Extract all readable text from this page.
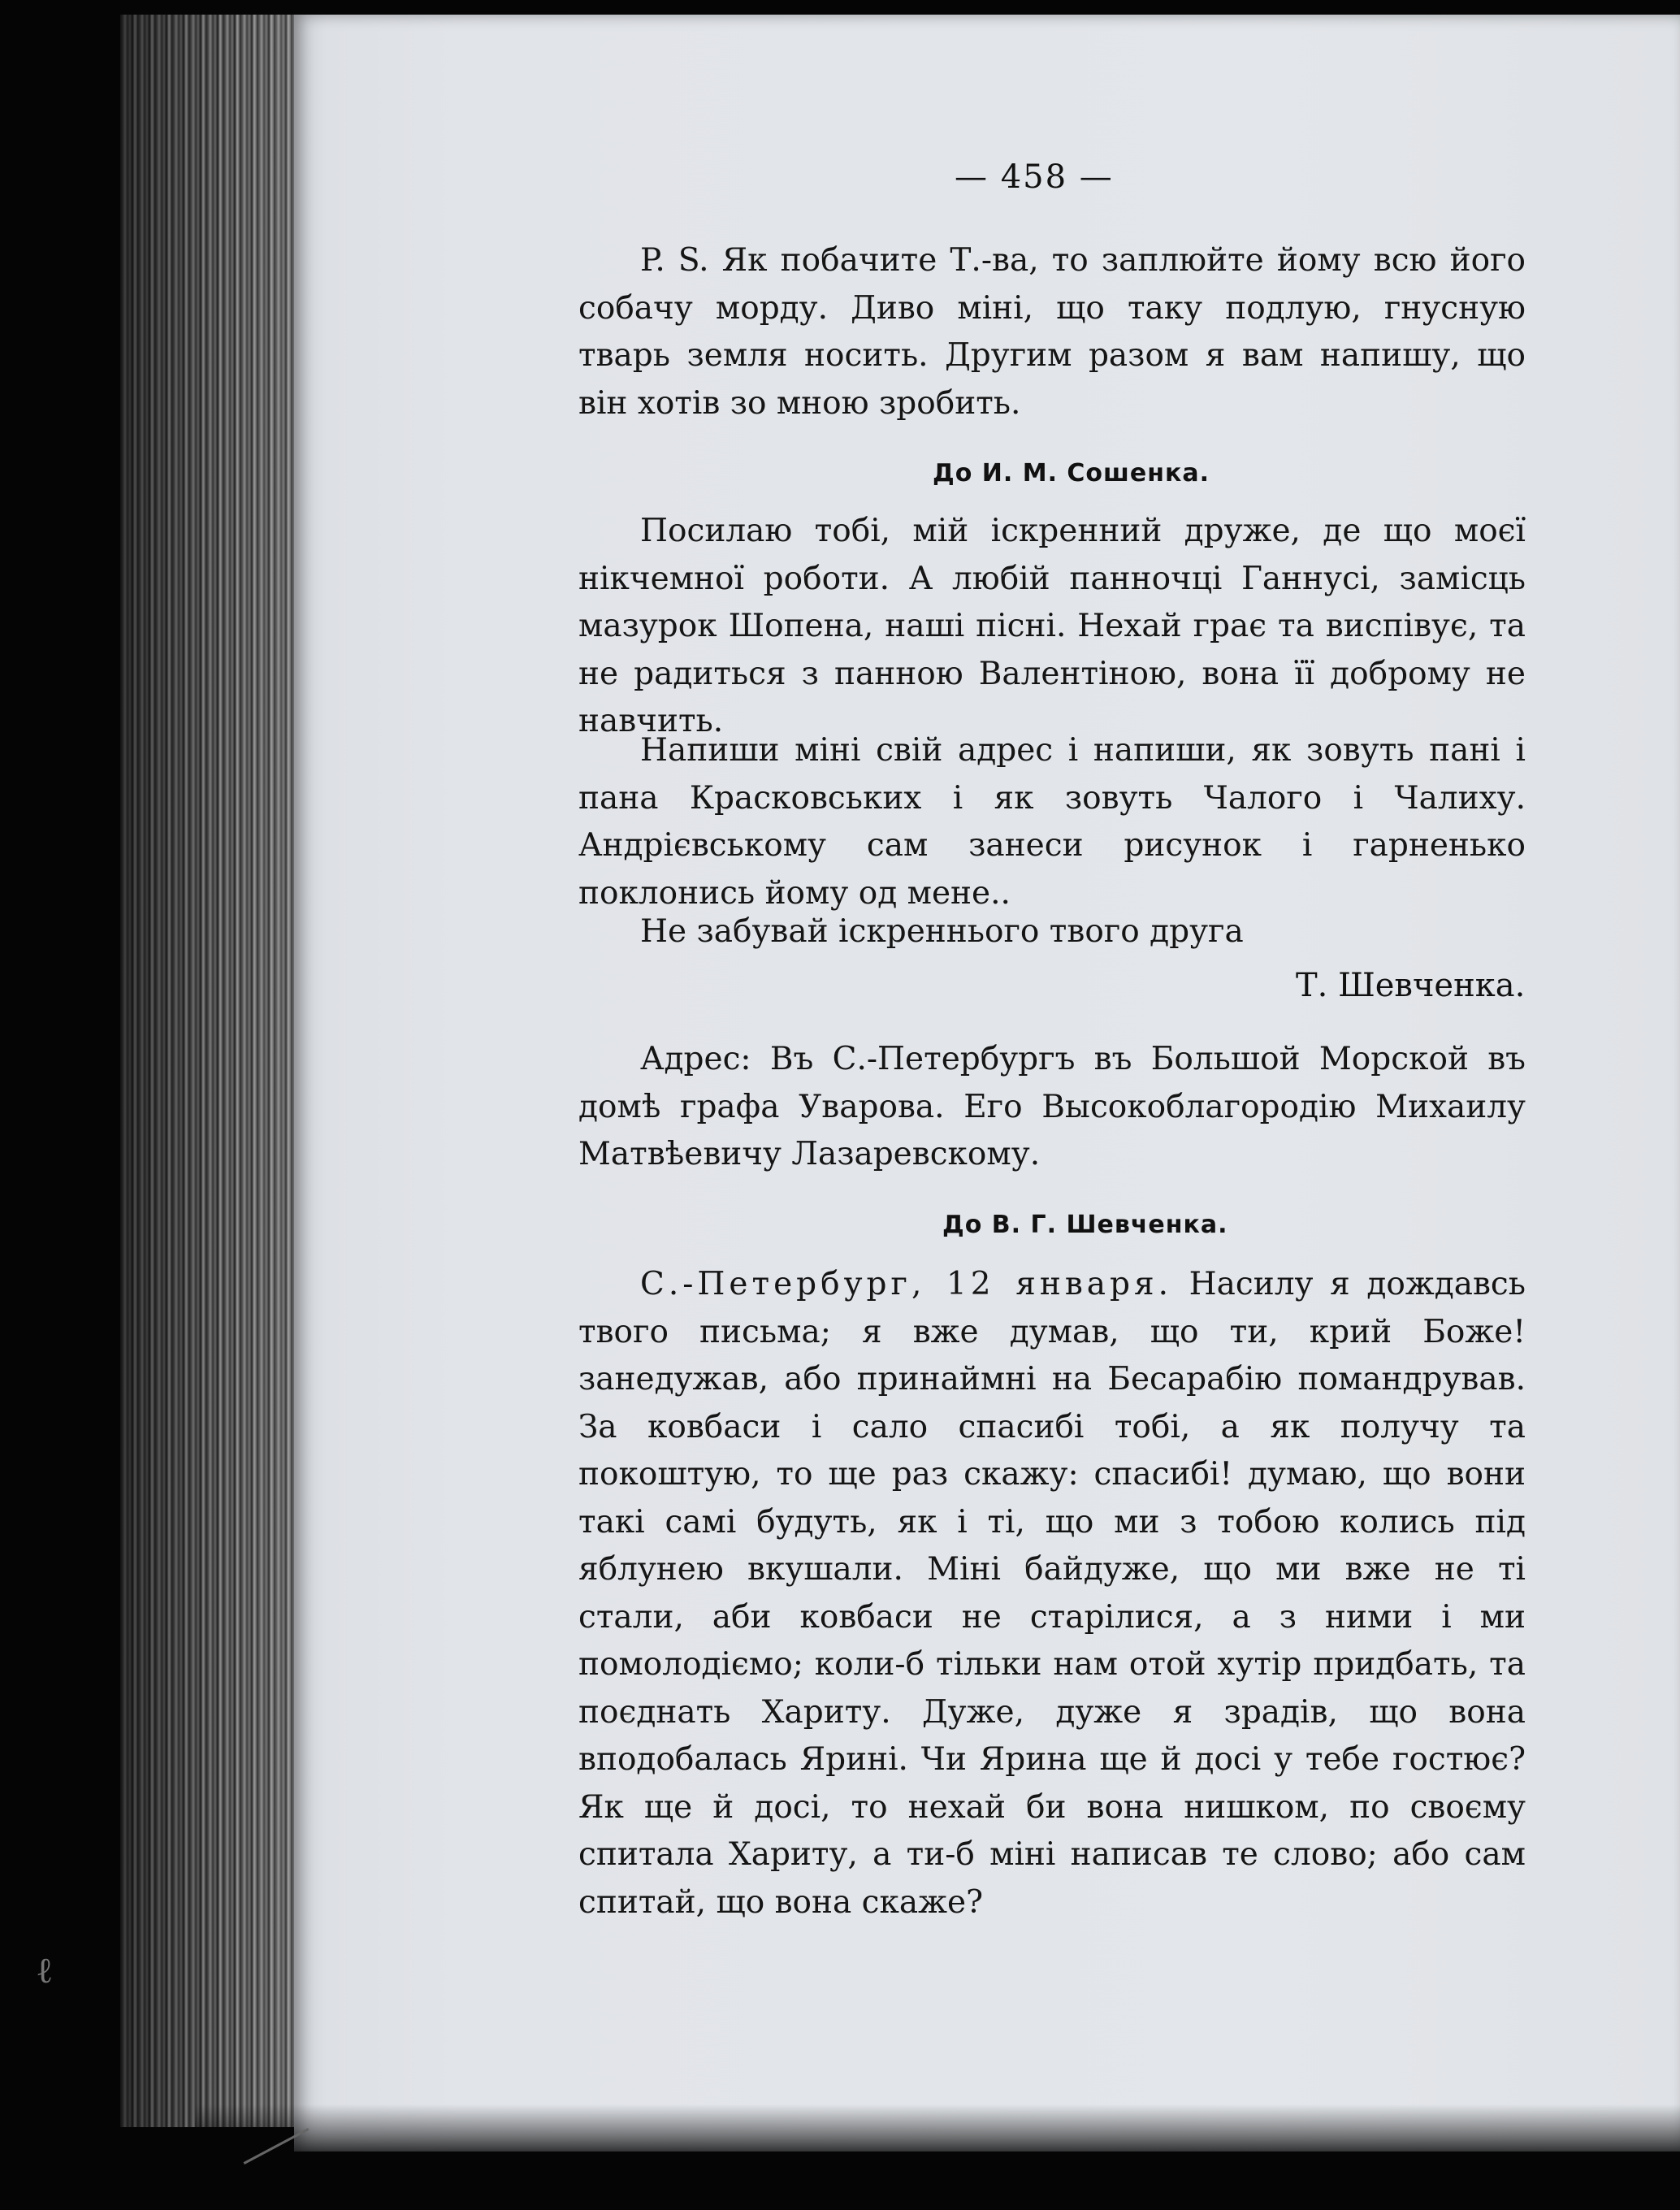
— 458 —
P. S. Як побачите Т.-ва, то заплюйте йому всю його собачу морду. Диво міні, що таку подлую, гнусную тварь земля носить. Другим разом я вам напишу, що він хотів зо мною зробить.
До И. М. Сошенка.
Посилаю тобі, мій іскренний друже, де що моєї нікчемної роботи. А любій панночці Ганнусі, замісць мазурок Шопена, наші пісні. Нехай грає та виспівує, та не радиться з панною Валентіною, вона її доброму не навчить.
Напиши міні свій адрес і напиши, як зовуть пані і пана Красковських і як зовуть Чалого і Чалиху. Андрієвському сам занеси рисунок і гарненько поклонись йому од мене..
Не забувай іскреннього твого друга
Т. Шевченка.
Адрес: Въ С.-Петербургъ въ Большой Морской въ домѣ графа Уварова. Его Высокоблагородію Михаилу Матвѣевичу Лазаревскому.
До В. Г. Шевченка.
С.-Петербург, 12 января. Насилу я дождавсь твого письма; я вже думав, що ти, крий Боже! занедужав, або принаймні на Бесарабію помандрував. За ковбаси і сало спасибі тобі, а як получу та покоштую, то ще раз скажу: спасибі! думаю, що вони такі самі будуть, як і ті, що ми з тобою колись під яблунею вкушали. Міні байдуже, що ми вже не ті стали, аби ковбаси не старілися, а з ними і ми помолодіємо; коли-б тільки нам отой хутір придбать, та поєднать Хариту. Дуже, дуже я зрадів, що вона вподобалась Ярині. Чи Ярина ще й досі у тебе гостює? Як ще й досі, то нехай би вона нишком, по своєму спитала Хариту, а ти-б міні написав те слово; або сам спитай, що вона скаже?
ℓ
